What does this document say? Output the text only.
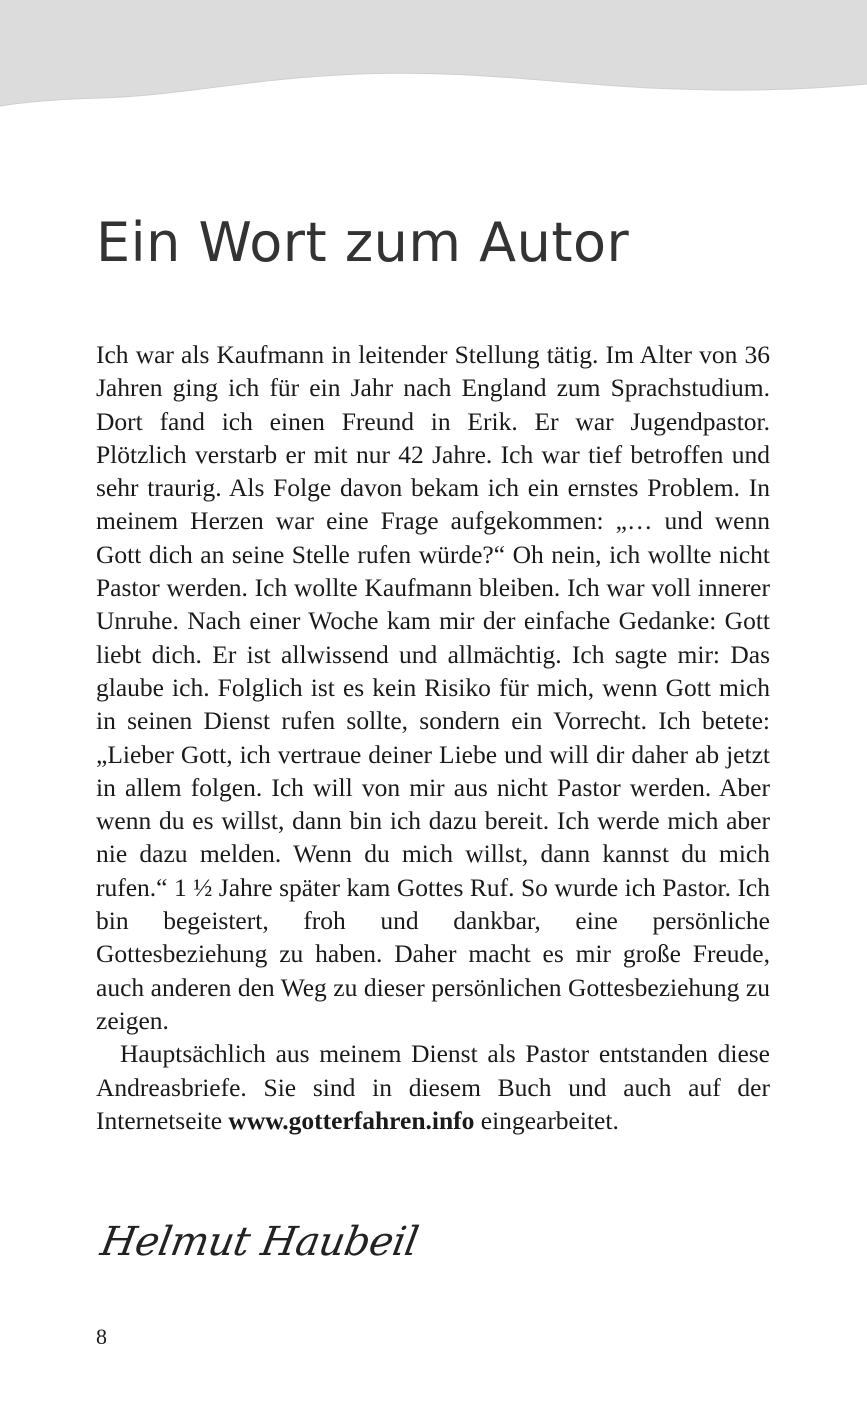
Ein Wort zum Autor

Ich war als Kaufmann in leitender Stellung tätig. Im Alter von 36 Jahren ging ich für ein Jahr nach England zum Sprachstudium. Dort fand ich einen Freund in Erik. Er war Jugendpastor. Plötzlich verstarb er mit nur 42 Jahre. Ich war tief betroffen und sehr traurig. Als Folge davon bekam ich ein ernstes Problem. In meinem Herzen war eine Frage aufgekommen: „… und wenn Gott dich an seine Stelle rufen würde?“ Oh nein, ich wollte nicht Pastor werden. Ich wollte Kaufmann bleiben. Ich war voll innerer Unruhe. Nach einer Woche kam mir der einfache Gedanke: Gott liebt dich. Er ist allwissend und allmächtig. Ich sagte mir: Das glaube ich. Folglich ist es kein Risiko für mich, wenn Gott mich in seinen Dienst rufen sollte, sondern ein Vorrecht. Ich betete: „Lieber Gott, ich vertraue deiner Liebe und will dir daher ab jetzt in allem folgen. Ich will von mir aus nicht Pastor werden. Aber wenn du es willst, dann bin ich dazu bereit. Ich werde mich aber nie dazu melden. Wenn du mich willst, dann kannst du mich rufen.“ 1 ½ Jahre später kam Gottes Ruf. So wurde ich Pastor. Ich bin begeistert, froh und dankbar, eine persönliche Gottesbeziehung zu haben. Daher macht es mir große Freude, auch anderen den Weg zu dieser persönlichen Gottesbeziehung zu zeigen.

Hauptsächlich aus meinem Dienst als Pastor entstanden diese Andreasbriefe. Sie sind in diesem Buch und auch auf der Internetseite www.gotterfahren.info eingearbeitet.

Helmut Haubeil
8
